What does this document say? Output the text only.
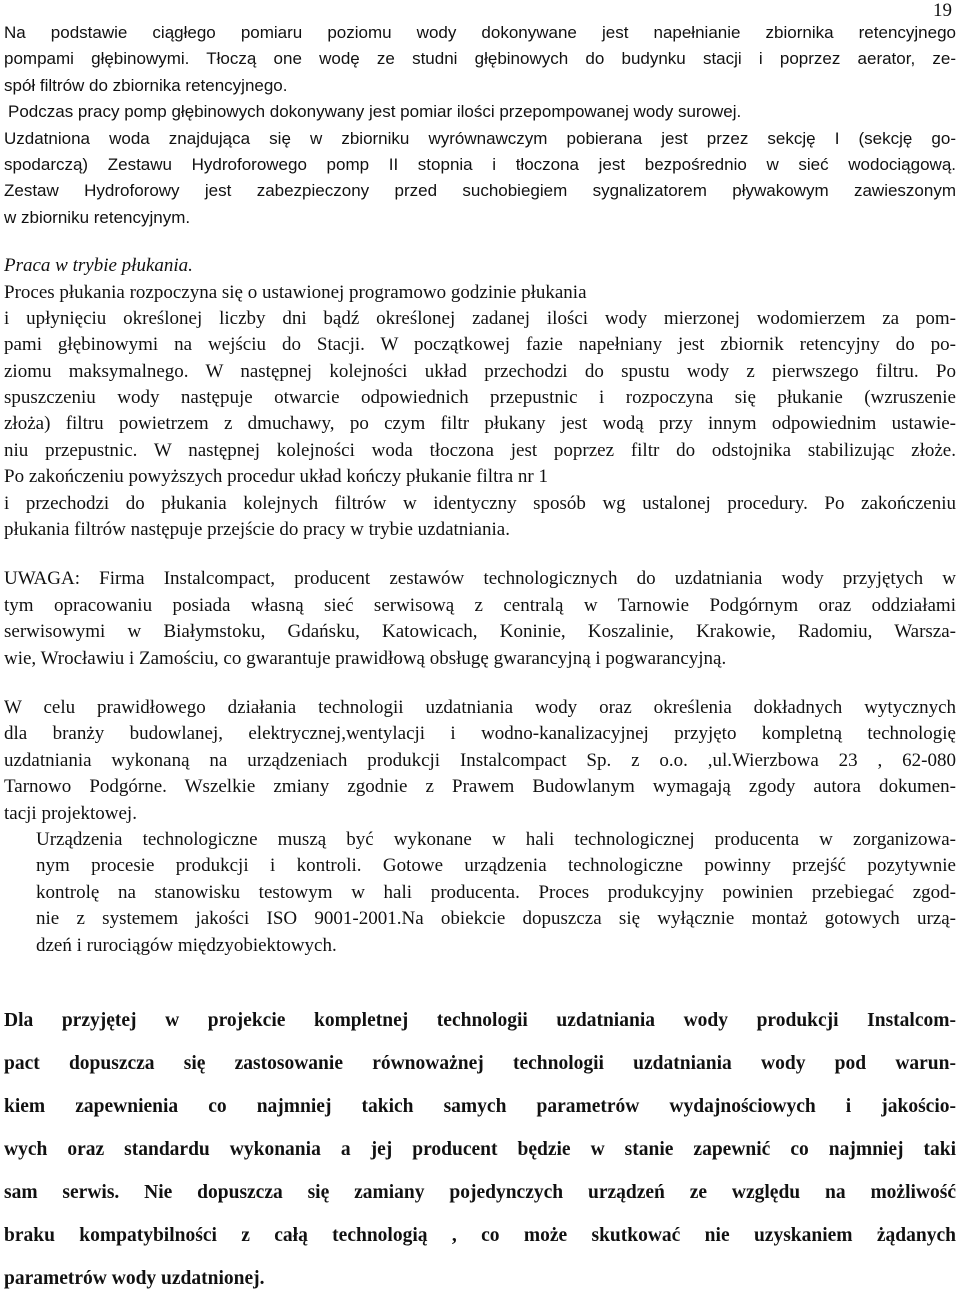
19
Na podstawie ciągłego pomiaru poziomu wody dokonywane jest napełnianie zbiornika retencyjnego
pompami głębinowymi. Tłoczą one wodę ze studni głębinowych do budynku stacji i poprzez aerator, ze-
spół filtrów do zbiornika retencyjnego.
Podczas pracy pomp głębinowych dokonywany jest pomiar ilości przepompowanej wody surowej.
Uzdatniona woda znajdująca się w zbiorniku wyrównawczym pobierana jest przez sekcję I (sekcję go-
spodarczą) Zestawu Hydroforowego pomp II stopnia i tłoczona jest bezpośrednio w sieć wodociągową.
Zestaw Hydroforowy jest zabezpieczony przed suchobiegiem sygnalizatorem pływakowym zawieszonym
w zbiorniku retencyjnym.
Praca w trybie płukania.
Proces płukania rozpoczyna się o ustawionej programowo godzinie płukania
i upłynięciu określonej liczby dni bądź określonej zadanej ilości wody mierzonej wodomierzem za pom-
pami głębinowymi na wejściu do Stacji. W początkowej fazie napełniany jest zbiornik retencyjny do po-
ziomu maksymalnego. W następnej kolejności układ przechodzi do spustu wody z pierwszego filtru. Po
spuszczeniu wody następuje otwarcie odpowiednich przepustnic i rozpoczyna się płukanie (wzruszenie
złoża) filtru powietrzem z dmuchawy, po czym filtr płukany jest wodą przy innym odpowiednim ustawie-
niu przepustnic. W następnej kolejności woda tłoczona jest poprzez filtr do odstojnika stabilizując złoże.
Po zakończeniu powyższych procedur układ kończy płukanie filtra nr 1
i przechodzi do płukania kolejnych filtrów w identyczny sposób wg ustalonej procedury. Po zakończeniu
płukania filtrów następuje przejście do pracy w trybie uzdatniania.
UWAGA: Firma Instalcompact, producent zestawów technologicznych do uzdatniania wody przyjętych w
tym opracowaniu posiada własną sieć serwisową z centralą w Tarnowie Podgórnym oraz oddziałami
serwisowymi w Białymstoku, Gdańsku, Katowicach, Koninie, Koszalinie, Krakowie, Radomiu, Warsza-
wie, Wrocławiu i Zamościu, co gwarantuje prawidłową obsługę gwarancyjną i pogwarancyjną.
W celu prawidłowego działania technologii uzdatniania wody oraz określenia dokładnych wytycznych
dla branży budowlanej, elektrycznej,wentylacji i wodno-kanalizacyjnej przyjęto kompletną technologię
uzdatniania wykonaną na urządzeniach produkcji Instalcompact Sp. z o.o. ,ul.Wierzbowa 23 , 62-080
Tarnowo Podgórne. Wszelkie zmiany zgodnie z Prawem Budowlanym wymagają zgody autora dokumen-
tacji projektowej.
Urządzenia technologiczne muszą być wykonane w hali technologicznej producenta w zorganizowa-
nym procesie produkcji i kontroli. Gotowe urządzenia technologiczne powinny przejść pozytywnie
kontrolę na stanowisku testowym w hali producenta. Proces produkcyjny powinien przebiegać zgod-
nie z systemem jakości ISO 9001-2001.Na obiekcie dopuszcza się wyłącznie montaż gotowych urzą-
dzeń i rurociągów międzyobiektowych.
Dla przyjętej w projekcie kompletnej technologii uzdatniania wody produkcji Instalcom-
pact dopuszcza się zastosowanie równoważnej technologii uzdatniania wody pod warun-
kiem zapewnienia co najmniej takich samych parametrów wydajnościowych i jakościo-
wych oraz standardu wykonania a jej producent będzie w stanie zapewnić co najmniej taki
sam serwis. Nie dopuszcza się zamiany pojedynczych urządzeń ze względu na możliwość
braku kompatybilności z całą technologią , co może skutkować nie uzyskaniem żądanych
parametrów wody uzdatnionej.
